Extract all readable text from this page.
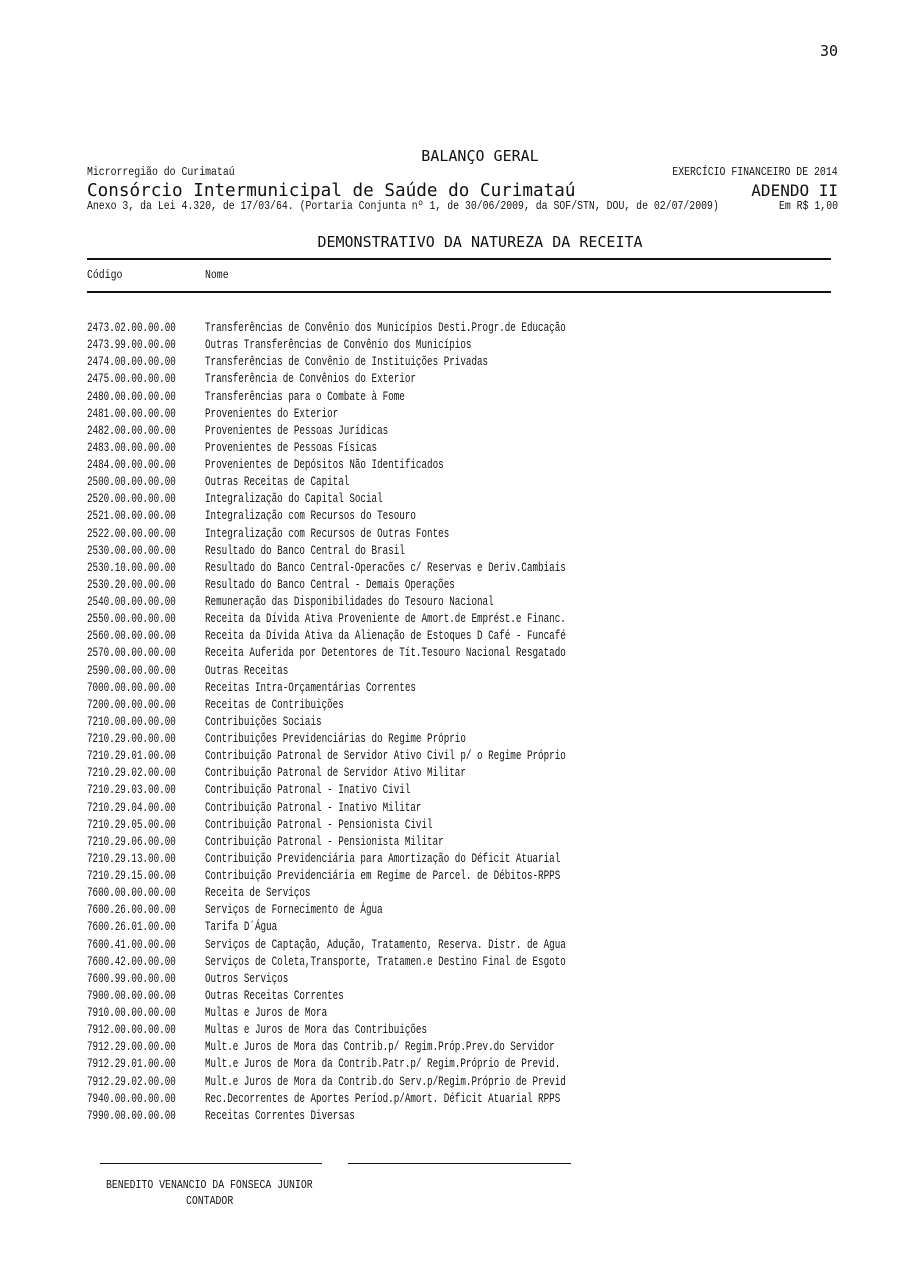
30
BALANÇO GERAL
Microrregião do Curimataú	EXERCÍCIO FINANCEIRO DE 2014
Consórcio Intermunicipal de Saúde do Curimataú	ADENDO II
Anexo 3, da Lei 4.320, de 17/03/64. (Portaria Conjunta nº 1, de 30/06/2009, da SOF/STN, DOU, de 02/07/2009)	Em R$ 1,00
DEMONSTRATIVO DA NATUREZA DA RECEITA
Código	Nome
2473.02.00.00.00 Transferências de Convênio dos Municípios Desti.Progr.de Educação
2473.99.00.00.00 Outras Transferências de Convênio dos Municípios
2474.00.00.00.00 Transferências de Convênio de Instituições Privadas
2475.00.00.00.00 Transferência de Convênios do Exterior
2480.00.00.00.00 Transferências para o Combate à Fome
2481.00.00.00.00 Provenientes do Exterior
2482.00.00.00.00 Provenientes de Pessoas Jurídicas
2483.00.00.00.00 Provenientes de Pessoas Físicas
2484.00.00.00.00 Provenientes de Depósitos Não Identificados
2500.00.00.00.00 Outras Receitas de Capital
2520.00.00.00.00 Integralização do Capital Social
2521.00.00.00.00 Integralização com Recursos do Tesouro
2522.00.00.00.00 Integralização com Recursos de Outras Fontes
2530.00.00.00.00 Resultado do Banco Central do Brasil
2530.10.00.00.00 Resultado do Banco Central-Operacões c/ Reservas e Deriv.Cambiais
2530.20.00.00.00 Resultado do Banco Central - Demais Operações
2540.00.00.00.00 Remuneração das Disponibilidades do Tesouro Nacional
2550.00.00.00.00 Receita da Dívida Ativa Proveniente de Amort.de Emprést.e Financ.
2560.00.00.00.00 Receita da Dívida Ativa da Alienação de Estoques D Café - Funcafé
2570.00.00.00.00 Receita Auferida por Detentores de Tít.Tesouro Nacional Resgatado
2590.00.00.00.00 Outras Receitas
7000.00.00.00.00 Receitas Intra-Orçamentárias Correntes
7200.00.00.00.00 Receitas de Contribuições
7210.00.00.00.00 Contribuições Sociais
7210.29.00.00.00 Contribuições Previdenciárias do Regime Próprio
7210.29.01.00.00 Contribuição Patronal de Servidor Ativo Civil p/ o Regime Próprio
7210.29.02.00.00 Contribuição Patronal de Servidor Ativo Militar
7210.29.03.00.00 Contribuição Patronal - Inativo Civil
7210.29.04.00.00 Contribuição Patronal - Inativo Militar
7210.29.05.00.00 Contribuição Patronal - Pensionista Civil
7210.29.06.00.00 Contribuição Patronal - Pensionista Militar
7210.29.13.00.00 Contribuição Previdenciária para Amortização do Déficit Atuarial
7210.29.15.00.00 Contribuição Previdenciária em Regime de Parcel. de Débitos-RPPS
7600.00.00.00.00 Receita de Serviços
7600.26.00.00.00 Serviços de Fornecimento de Água
7600.26.01.00.00 Tarifa D´Água
7600.41.00.00.00 Serviços de Captação, Adução, Tratamento, Reserva. Distr. de Agua
7600.42.00.00.00 Serviços de Coleta,Transporte, Tratamen.e Destino Final de Esgoto
7600.99.00.00.00 Outros Serviços
7900.00.00.00.00 Outras Receitas Correntes
7910.00.00.00.00 Multas e Juros de Mora
7912.00.00.00.00 Multas e Juros de Mora das Contribuições
7912.29.00.00.00 Mult.e Juros de Mora das Contrib.p/ Regim.Próp.Prev.do Servidor
7912.29.01.00.00 Mult.e Juros de Mora da Contrib.Patr.p/ Regim.Próprio de Previd.
7912.29.02.00.00 Mult.e Juros de Mora da Contrib.do Serv.p/Regim.Próprio de Previd
7940.00.00.00.00 Rec.Decorrentes de Aportes Períod.p/Amort. Déficit Atuarial RPPS
7990.00.00.00.00 Receitas Correntes Diversas
BENEDITO VENANCIO DA FONSECA JUNIOR
CONTADOR
